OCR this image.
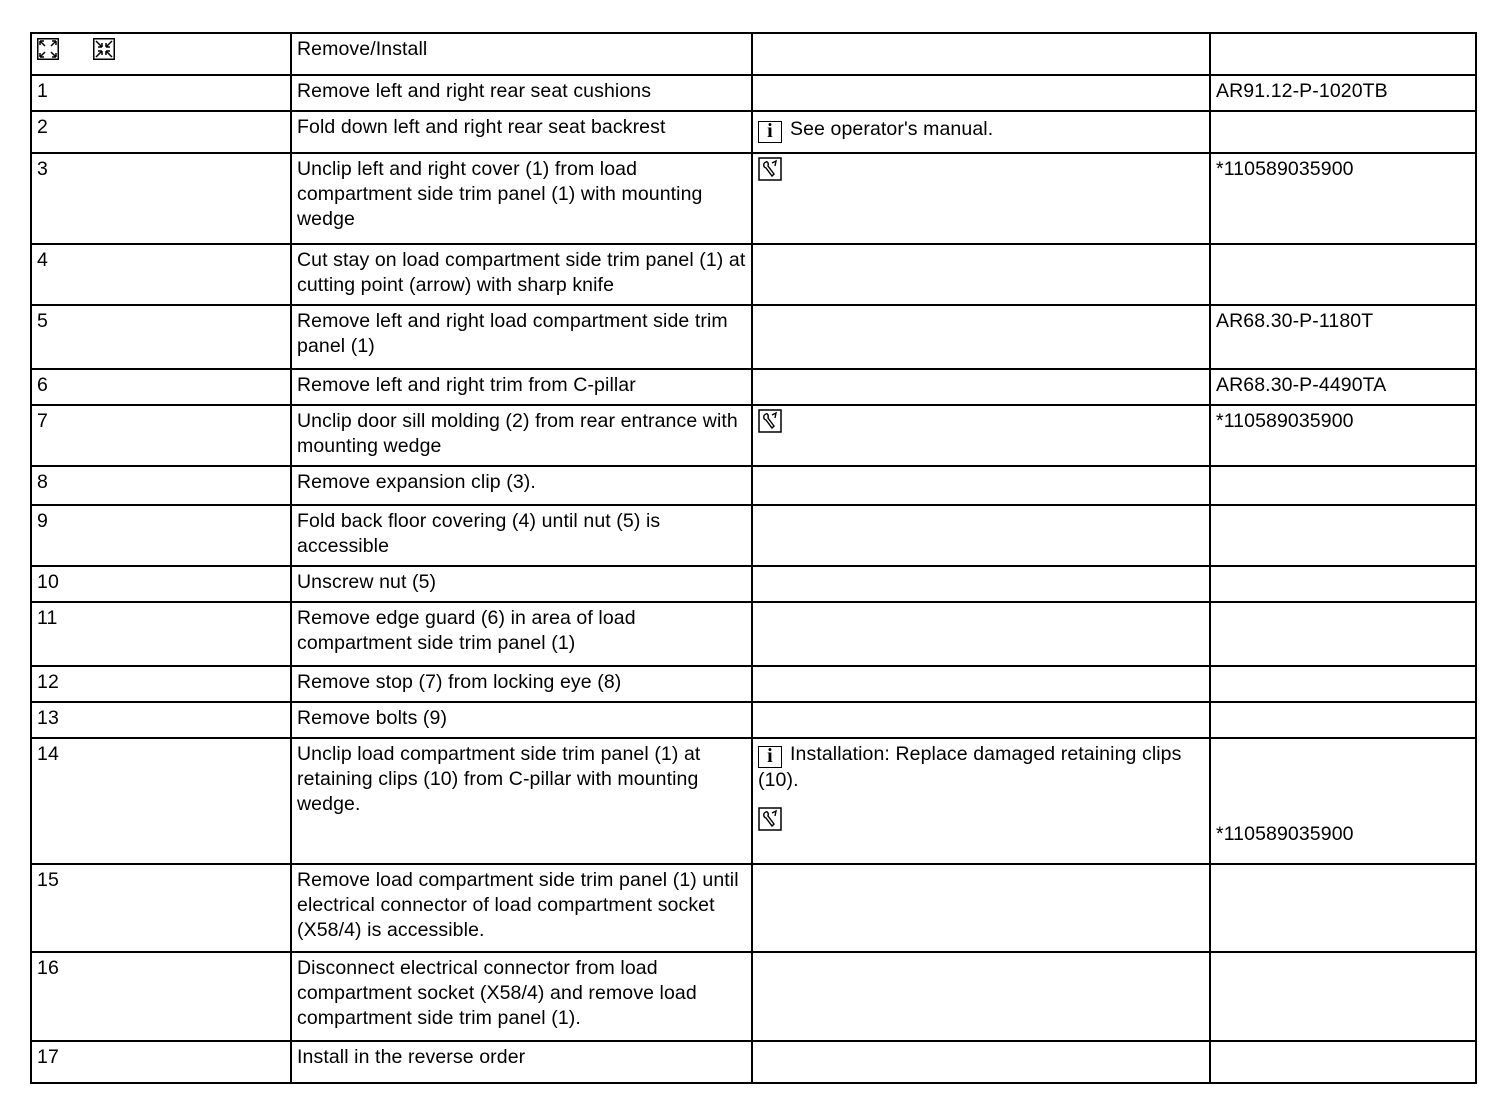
	Remove/Install		
1	Remove left and right rear seat cushions		AR91.12-P-1020TB
2	Fold down left and right rear seat backrest	i See operator's manual.	

3	Unclip left and right cover (1) from load compartment side trim panel (1) with mounting wedge		*110589035900
4	Cut stay on load compartment side trim panel (1) at cutting point (arrow) with sharp knife		
5	Remove left and right load compartment side trim panel (1)		AR68.30-P-1180T
6	Remove left and right trim from C-pillar		AR68.30-P-4490TA
7	Unclip door sill molding (2) from rear entrance with mounting wedge		*110589035900
8	Remove expansion clip (3).		
9	Fold back floor covering (4) until nut (5) is accessible		
10	Unscrew nut (5)		
11	Remove edge guard (6) in area of load compartment side trim panel (1)		
12	Remove stop (7) from locking eye (8)		
13	Remove bolts (9)		
14	Unclip load compartment side trim panel (1) at retaining clips (10) from C-pillar with mounting wedge.	i Installation: Replace damaged retaining clips (10).	*110589035900

15	Remove load compartment side trim panel (1) until electrical connector of load compartment socket (X58/4) is accessible.		
16	Disconnect electrical connector from load compartment socket (X58/4) and remove load compartment side trim panel (1).		
17	Install in the reverse order		
